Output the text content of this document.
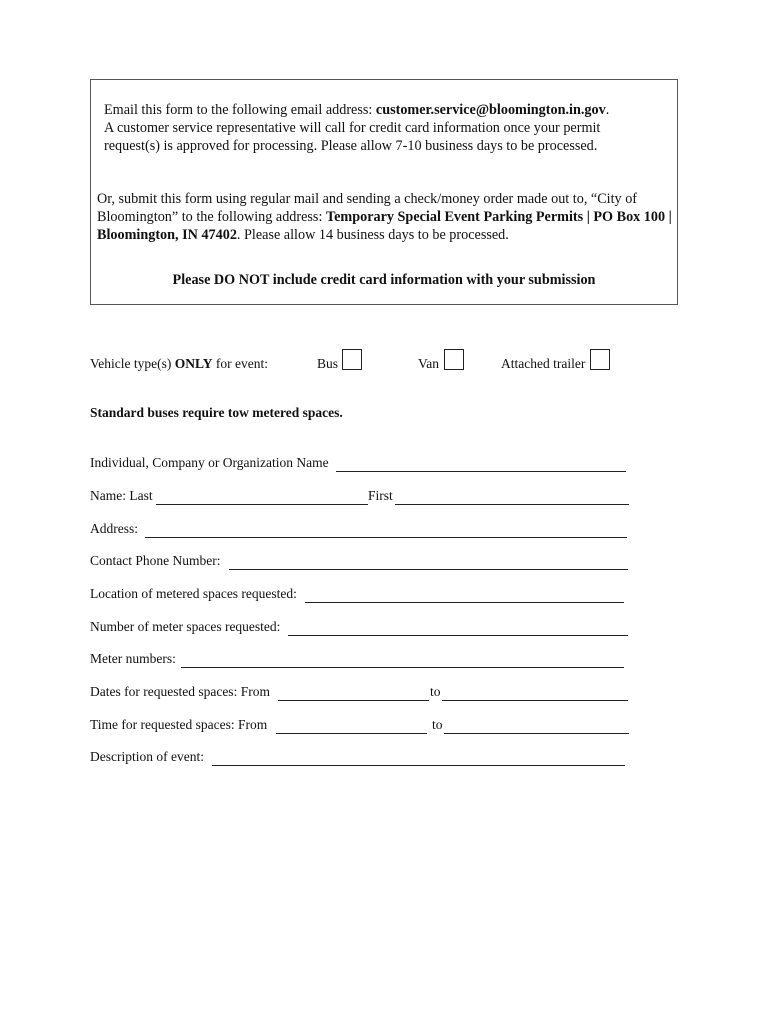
Email this form to the following email address: customer.service@bloomington.in.gov.
A customer service representative will call for credit card information once your permit
request(s) is approved for processing. Please allow 7-10 business days to be processed.
Or, submit this form using regular mail and sending a check/money order made out to, “City of Bloomington” to the following address: Temporary Special Event Parking Permits | PO Box 100 | Bloomington, IN 47402. Please allow 14 business days to be processed.
Please DO NOT include credit card information with your submission
Vehicle type(s) ONLY for event:	Bus	Van	Attached trailer
Standard buses require tow metered spaces.
Individual, Company or Organization Name
Name: Last	First
Address:
Contact Phone Number:
Location of metered spaces requested:
Number of meter spaces requested:
Meter numbers:
Dates for requested spaces: From	to
Time for requested spaces: From	to
Description of event:
